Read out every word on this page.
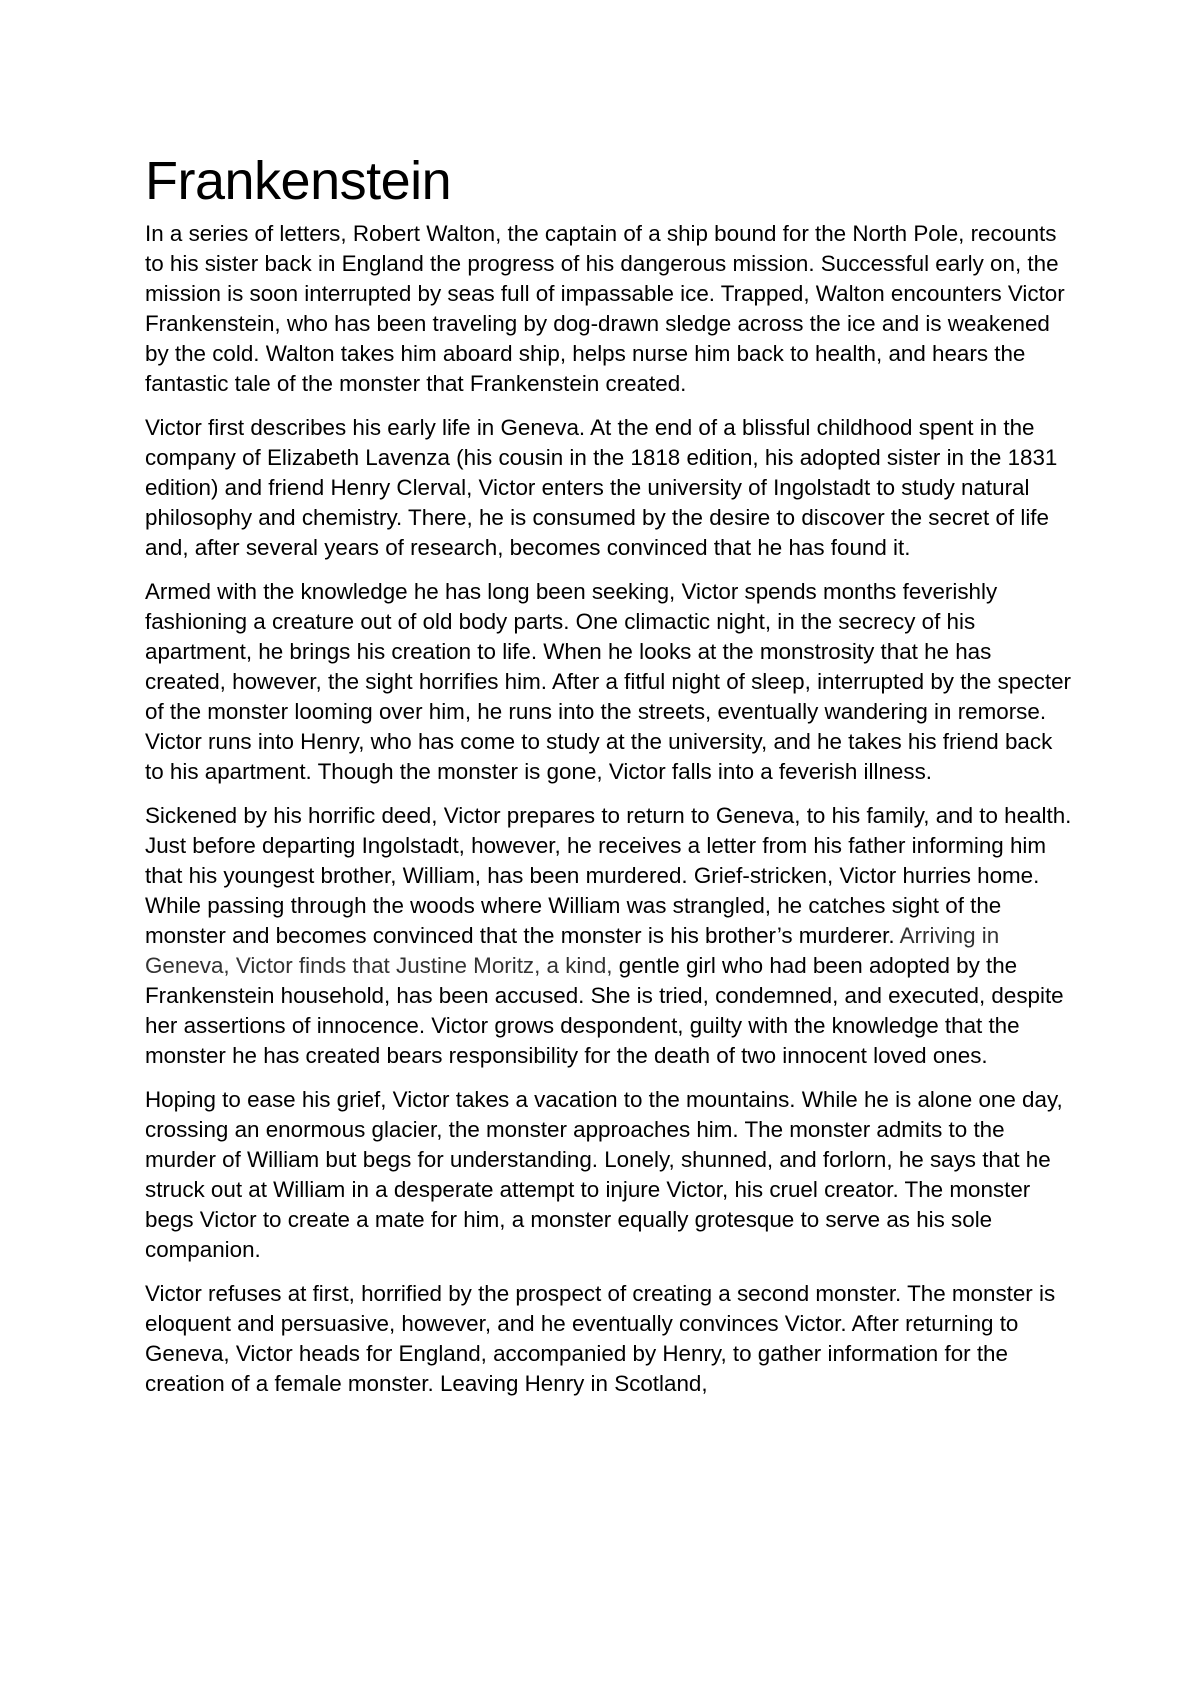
Frankenstein

In a series of letters, Robert Walton, the captain of a ship bound for the North Pole, recounts to his sister back in England the progress of his dangerous mission. Successful early on, the mission is soon interrupted by seas full of impassable ice. Trapped, Walton encounters Victor Frankenstein, who has been traveling by dog-drawn sledge across the ice and is weakened by the cold. Walton takes him aboard ship, helps nurse him back to health, and hears the fantastic tale of the monster that Frankenstein created.

Victor first describes his early life in Geneva. At the end of a blissful childhood spent in the company of Elizabeth Lavenza (his cousin in the 1818 edition, his adopted sister in the 1831 edition) and friend Henry Clerval, Victor enters the university of Ingolstadt to study natural philosophy and chemistry. There, he is consumed by the desire to discover the secret of life and, after several years of research, becomes convinced that he has found it.

Armed with the knowledge he has long been seeking, Victor spends months feverishly fashioning a creature out of old body parts. One climactic night, in the secrecy of his apartment, he brings his creation to life. When he looks at the monstrosity that he has created, however, the sight horrifies him. After a fitful night of sleep, interrupted by the specter of the monster looming over him, he runs into the streets, eventually wandering in remorse. Victor runs into Henry, who has come to study at the university, and he takes his friend back to his apartment. Though the monster is gone, Victor falls into a feverish illness.

Sickened by his horrific deed, Victor prepares to return to Geneva, to his family, and to health. Just before departing Ingolstadt, however, he receives a letter from his father informing him that his youngest brother, William, has been murdered. Grief-stricken, Victor hurries home. While passing through the woods where William was strangled, he catches sight of the monster and becomes convinced that the monster is his brother’s murderer. Arriving in Geneva, Victor finds that Justine Moritz, a kind, gentle girl who had been adopted by the Frankenstein household, has been accused. She is tried, condemned, and executed, despite her assertions of innocence. Victor grows despondent, guilty with the knowledge that the monster he has created bears responsibility for the death of two innocent loved ones.

Hoping to ease his grief, Victor takes a vacation to the mountains. While he is alone one day, crossing an enormous glacier, the monster approaches him. The monster admits to the murder of William but begs for understanding. Lonely, shunned, and forlorn, he says that he struck out at William in a desperate attempt to injure Victor, his cruel creator. The monster begs Victor to create a mate for him, a monster equally grotesque to serve as his sole companion.

Victor refuses at first, horrified by the prospect of creating a second monster. The monster is eloquent and persuasive, however, and he eventually convinces Victor. After returning to Geneva, Victor heads for England, accompanied by Henry, to gather information for the creation of a female monster. Leaving Henry in Scotland,
